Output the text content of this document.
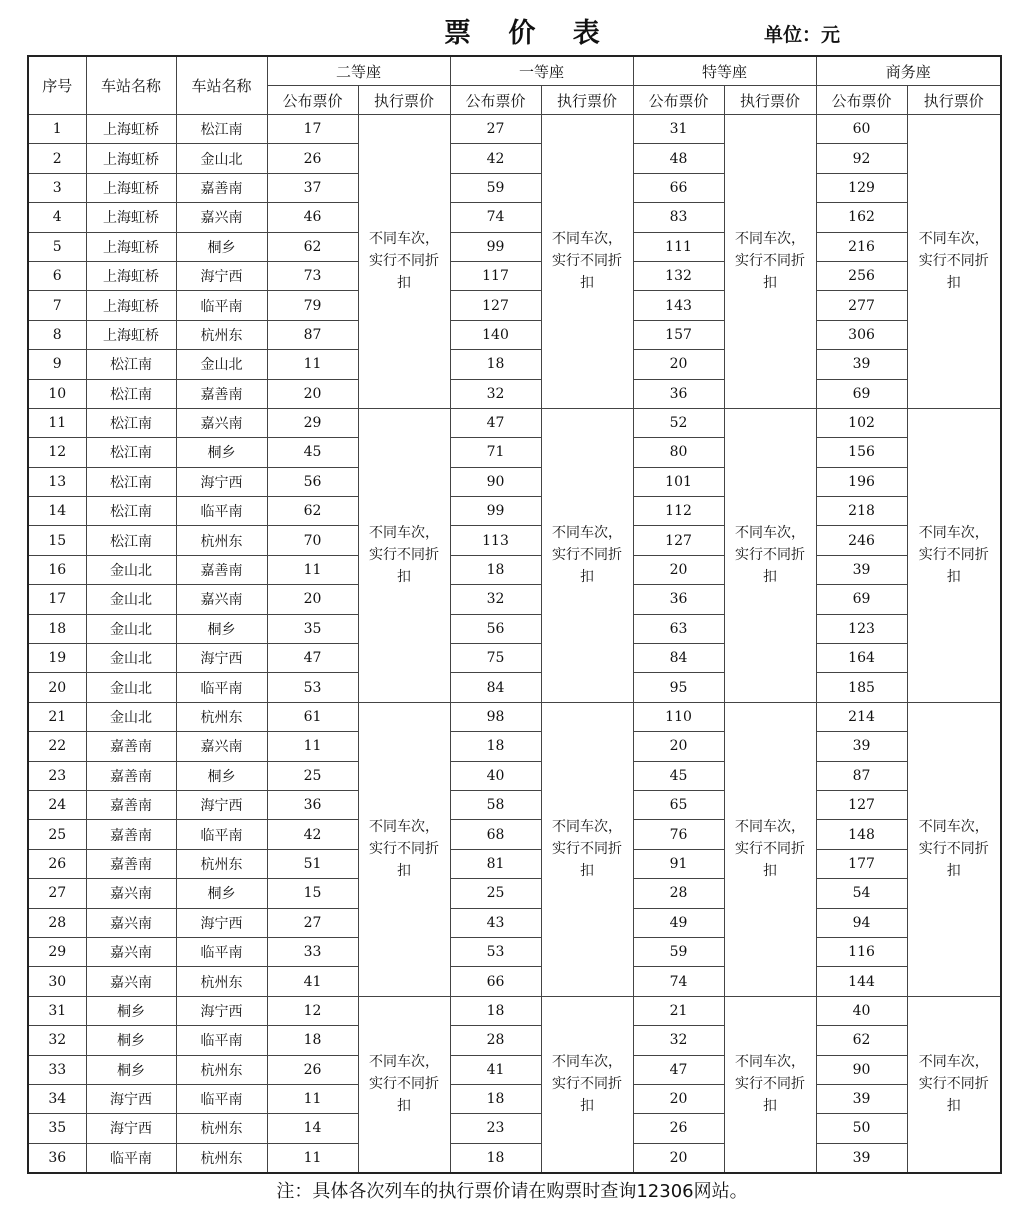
票 价 表	单位：元
序号	车站名称	车站名称	二等座		一等座		特等座		商务座	
			公布票价	执行票价	公布票价	执行票价	公布票价	执行票价	公布票价	执行票价
1	上海虹桥	松江南	17	不同车次，实行不同折扣	27	不同车次，实行不同折扣	31	不同车次，实行不同折扣	60	不同车次，实行不同折扣
2	上海虹桥	金山北	26		42		48		92	
3	上海虹桥	嘉善南	37		59		66		129	
4	上海虹桥	嘉兴南	46		74		83		162	
5	上海虹桥	桐乡	62		99		111		216	
6	上海虹桥	海宁西	73		117		132		256	
7	上海虹桥	临平南	79		127		143		277	
8	上海虹桥	杭州东	87		140		157		306	
9	松江南	金山北	11		18		20		39	
10	松江南	嘉善南	20		32		36		69	
11	松江南	嘉兴南	29	不同车次，实行不同折扣	47	不同车次，实行不同折扣	52	不同车次，实行不同折扣	102	不同车次，实行不同折扣
12	松江南	桐乡	45		71		80		156	
13	松江南	海宁西	56		90		101		196	
14	松江南	临平南	62		99		112		218	
15	松江南	杭州东	70		113		127		246	
16	金山北	嘉善南	11		18		20		39	
17	金山北	嘉兴南	20		32		36		69	
18	金山北	桐乡	35		56		63		123	
19	金山北	海宁西	47		75		84		164	
20	金山北	临平南	53		84		95		185	
21	金山北	杭州东	61	不同车次，实行不同折扣	98	不同车次，实行不同折扣	110	不同车次，实行不同折扣	214	不同车次，实行不同折扣
22	嘉善南	嘉兴南	11		18		20		39	
23	嘉善南	桐乡	25		40		45		87	
24	嘉善南	海宁西	36		58		65		127	
25	嘉善南	临平南	42		68		76		148	
26	嘉善南	杭州东	51		81		91		177	
27	嘉兴南	桐乡	15		25		28		54	
28	嘉兴南	海宁西	27		43		49		94	
29	嘉兴南	临平南	33		53		59		116	
30	嘉兴南	杭州东	41		66		74		144	
31	桐乡	海宁西	12	不同车次，实行不同折扣	18	不同车次，实行不同折扣	21	不同车次，实行不同折扣	40	不同车次，实行不同折扣
32	桐乡	临平南	18		28		32		62	
33	桐乡	杭州东	26		41		47		90	
34	海宁西	临平南	11		18		20		39	
35	海宁西	杭州东	14		23		26		50	
36	临平南	杭州东	11		18		20		39	
注：具体各次列车的执行票价请在购票时查询12306网站。
